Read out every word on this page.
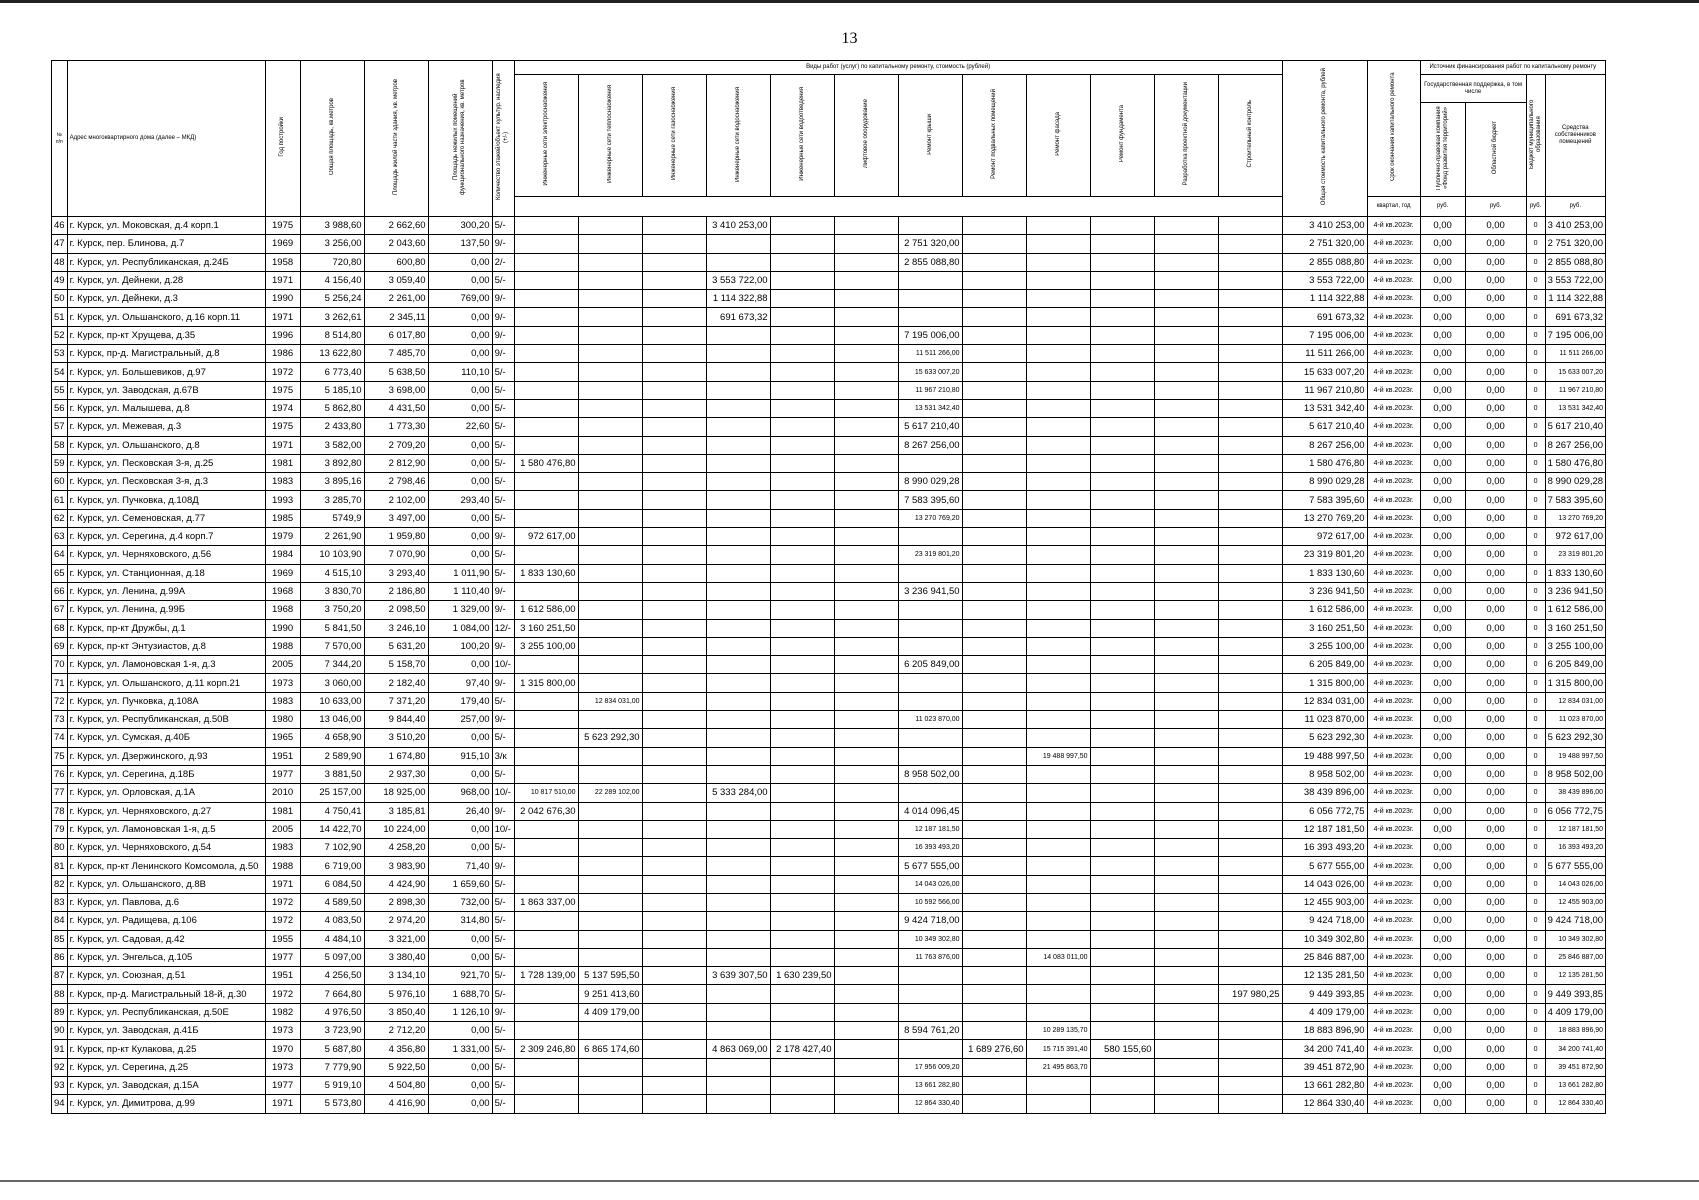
13
№ п/п	Адрес многоквартирного дома (далее – МКД)	Год постройки	Общая площадь, кв.метров	Площадь жилой части здания, кв. метров	Площадь нежилых помещений функционального назначения, кв. метров	Количество этажей/объект культур. наследия (+/-)	Виды работ (услуг) по капитальному ремонту, стоимость (рублей)												Общая стоимость капитального ремонта, рублей	Срок окончания капитального ремонта	Источник финансирования работ по капитальному ремонту			
							Инженерные сети электроснабжения	Инженерные сети теплоснабжения	Инженерные сети газоснабжения	Инженерные сети водоснабжения	Инженерные сети водоотведения	Лифтовое оборудование	Ремонт крыши	Ремонт подвальных помещений	Ремонт фасада	Ремонт фундамента	Разработка проектной документации	Строительный контроль			Государственная поддержка, в том числе		Бюджет муниципального образования	Средства собственников помещений
																					Публично-правовая компания «Фонд развития территорий»	Областной бюджет		
																				квартал, год	руб.	руб.	руб.	руб.
46	г. Курск, ул. Моковская, д.4 корп.1	1975	3 988,60	2 662,60	300,20	5/-				3 410 253,00									3 410 253,00	4-й кв.2023г.	0,00	0,00	0	3 410 253,00
47	г. Курск, пер. Блинова, д.7	1969	3 256,00	2 043,60	137,50	9/-							2 751 320,00						2 751 320,00	4-й кв.2023г.	0,00	0,00	0	2 751 320,00
48	г. Курск, ул. Республиканская, д.24Б	1958	720,80	600,80	0,00	2/-							2 855 088,80						2 855 088,80	4-й кв.2023г.	0,00	0,00	0	2 855 088,80
49	г. Курск, ул. Дейнеки, д.28	1971	4 156,40	3 059,40	0,00	5/-				3 553 722,00									3 553 722,00	4-й кв.2023г.	0,00	0,00	0	3 553 722,00
50	г. Курск, ул. Дейнеки, д.3	1990	5 256,24	2 261,00	769,00	9/-				1 114 322,88									1 114 322,88	4-й кв.2023г.	0,00	0,00	0	1 114 322,88
51	г. Курск, ул. Ольшанского, д.16 корп.11	1971	3 262,61	2 345,11	0,00	9/-				691 673,32									691 673,32	4-й кв.2023г.	0,00	0,00	0	691 673,32
52	г. Курск, пр-кт Хрущева, д.35	1996	8 514,80	6 017,80	0,00	9/-							7 195 006,00						7 195 006,00	4-й кв.2023г.	0,00	0,00	0	7 195 006,00
53	г. Курск, пр-д. Магистральный, д.8	1986	13 622,80	7 485,70	0,00	9/-							11 511 266,00						11 511 266,00	4-й кв.2023г.	0,00	0,00	0	11 511 266,00
54	г. Курск, ул. Большевиков, д.97	1972	6 773,40	5 638,50	110,10	5/-							15 633 007,20						15 633 007,20	4-й кв.2023г.	0,00	0,00	0	15 633 007,20
55	г. Курск, ул. Заводская, д.67В	1975	5 185,10	3 698,00	0,00	5/-							11 967 210,80						11 967 210,80	4-й кв.2023г.	0,00	0,00	0	11 967 210,80
56	г. Курск, ул. Малышева, д.8	1974	5 862,80	4 431,50	0,00	5/-							13 531 342,40						13 531 342,40	4-й кв.2023г.	0,00	0,00	0	13 531 342,40
57	г. Курск, ул. Межевая, д.3	1975	2 433,80	1 773,30	22,60	5/-							5 617 210,40						5 617 210,40	4-й кв.2023г.	0,00	0,00	0	5 617 210,40
58	г. Курск, ул. Ольшанского, д.8	1971	3 582,00	2 709,20	0,00	5/-							8 267 256,00						8 267 256,00	4-й кв.2023г.	0,00	0,00	0	8 267 256,00
59	г. Курск, ул. Песковская 3-я, д.25	1981	3 892,80	2 812,90	0,00	5/-	1 580 476,80												1 580 476,80	4-й кв.2023г.	0,00	0,00	0	1 580 476,80
60	г. Курск, ул. Песковская 3-я, д.3	1983	3 895,16	2 798,46	0,00	5/-							8 990 029,28						8 990 029,28	4-й кв.2023г.	0,00	0,00	0	8 990 029,28
61	г. Курск, ул. Пучковка, д.108Д	1993	3 285,70	2 102,00	293,40	5/-							7 583 395,60						7 583 395,60	4-й кв.2023г.	0,00	0,00	0	7 583 395,60
62	г. Курск, ул. Семеновская, д.77	1985	5749,9	3 497,00	0,00	5/-							13 270 769,20						13 270 769,20	4-й кв.2023г.	0,00	0,00	0	13 270 769,20
63	г. Курск, ул. Серегина, д.4 корп.7	1979	2 261,90	1 959,80	0,00	9/-	972 617,00												972 617,00	4-й кв.2023г.	0,00	0,00	0	972 617,00
64	г. Курск, ул. Черняховского, д.56	1984	10 103,90	7 070,90	0,00	5/-							23 319 801,20						23 319 801,20	4-й кв.2023г.	0,00	0,00	0	23 319 801,20
65	г. Курск, ул. Станционная, д.18	1969	4 515,10	3 293,40	1 011,90	5/-	1 833 130,60												1 833 130,60	4-й кв.2023г.	0,00	0,00	0	1 833 130,60
66	г. Курск, ул. Ленина, д.99А	1968	3 830,70	2 186,80	1 110,40	9/-							3 236 941,50						3 236 941,50	4-й кв.2023г.	0,00	0,00	0	3 236 941,50
67	г. Курск, ул. Ленина, д.99Б	1968	3 750,20	2 098,50	1 329,00	9/-	1 612 586,00												1 612 586,00	4-й кв.2023г.	0,00	0,00	0	1 612 586,00
68	г. Курск, пр-кт Дружбы, д.1	1990	5 841,50	3 246,10	1 084,00	12/-	3 160 251,50												3 160 251,50	4-й кв.2023г.	0,00	0,00	0	3 160 251,50
69	г. Курск, пр-кт Энтузиастов, д.8	1988	7 570,00	5 631,20	100,20	9/-	3 255 100,00												3 255 100,00	4-й кв.2023г.	0,00	0,00	0	3 255 100,00
70	г. Курск, ул. Ламоновская 1-я, д.3	2005	7 344,20	5 158,70	0,00	10/-							6 205 849,00						6 205 849,00	4-й кв.2023г.	0,00	0,00	0	6 205 849,00
71	г. Курск, ул. Ольшанского, д.11 корп.21	1973	3 060,00	2 182,40	97,40	9/-	1 315 800,00												1 315 800,00	4-й кв.2023г.	0,00	0,00	0	1 315 800,00
72	г. Курск, ул. Пучковка, д.108А	1983	10 633,00	7 371,20	179,40	5/-		12 834 031,00											12 834 031,00	4-й кв.2023г.	0,00	0,00	0	12 834 031,00
73	г. Курск, ул. Республиканская, д.50В	1980	13 046,00	9 844,40	257,00	9/-							11 023 870,00						11 023 870,00	4-й кв.2023г.	0,00	0,00	0	11 023 870,00
74	г. Курск, ул. Сумская, д.40Б	1965	4 658,90	3 510,20	0,00	5/-		5 623 292,30											5 623 292,30	4-й кв.2023г.	0,00	0,00	0	5 623 292,30
75	г. Курск, ул. Дзержинского, д.93	1951	2 589,90	1 674,80	915,10	3/к									19 488 997,50				19 488 997,50	4-й кв.2023г.	0,00	0,00	0	19 488 997,50
76	г. Курск, ул. Серегина, д.18Б	1977	3 881,50	2 937,30	0,00	5/-							8 958 502,00						8 958 502,00	4-й кв.2023г.	0,00	0,00	0	8 958 502,00
77	г. Курск, ул. Орловская, д.1А	2010	25 157,00	18 925,00	968,00	10/-	10 817 510,00	22 289 102,00		5 333 284,00									38 439 896,00	4-й кв.2023г.	0,00	0,00	0	38 439 896,00
78	г. Курск, ул. Черняховского, д.27	1981	4 750,41	3 185,81	26,40	9/-	2 042 676,30						4 014 096,45						6 056 772,75	4-й кв.2023г.	0,00	0,00	0	6 056 772,75
79	г. Курск, ул. Ламоновская 1-я, д.5	2005	14 422,70	10 224,00	0,00	10/-							12 187 181,50						12 187 181,50	4-й кв.2023г.	0,00	0,00	0	12 187 181,50
80	г. Курск, ул. Черняховского, д.54	1983	7 102,90	4 258,20	0,00	5/-							16 393 493,20						16 393 493,20	4-й кв.2023г.	0,00	0,00	0	16 393 493,20
81	г. Курск, пр-кт Ленинского Комсомола, д.50	1988	6 719,00	3 983,90	71,40	9/-							5 677 555,00						5 677 555,00	4-й кв.2023г.	0,00	0,00	0	5 677 555,00
82	г. Курск, ул. Ольшанского, д.8В	1971	6 084,50	4 424,90	1 659,60	5/-							14 043 026,00						14 043 026,00	4-й кв.2023г.	0,00	0,00	0	14 043 026,00
83	г. Курск, ул. Павлова, д.6	1972	4 589,50	2 898,30	732,00	5/-	1 863 337,00						10 592 566,00						12 455 903,00	4-й кв.2023г.	0,00	0,00	0	12 455 903,00
84	г. Курск, ул. Радищева, д.106	1972	4 083,50	2 974,20	314,80	5/-							9 424 718,00						9 424 718,00	4-й кв.2023г.	0,00	0,00	0	9 424 718,00
85	г. Курск, ул. Садовая, д.42	1955	4 484,10	3 321,00	0,00	5/-							10 349 302,80						10 349 302,80	4-й кв.2023г.	0,00	0,00	0	10 349 302,80
86	г. Курск, ул. Энгельса, д.105	1977	5 097,00	3 380,40	0,00	5/-							11 763 876,00		14 083 011,00				25 846 887,00	4-й кв.2023г.	0,00	0,00	0	25 846 887,00
87	г. Курск, ул. Союзная, д.51	1951	4 256,50	3 134,10	921,70	5/-	1 728 139,00	5 137 595,50		3 639 307,50	1 630 239,50								12 135 281,50	4-й кв.2023г.	0,00	0,00	0	12 135 281,50
88	г. Курск, пр-д. Магистральный 18-й, д.30	1972	7 664,80	5 976,10	1 688,70	5/-		9 251 413,60										197 980,25	9 449 393,85	4-й кв.2023г.	0,00	0,00	0	9 449 393,85
89	г. Курск, ул. Республиканская, д.50Е	1982	4 976,50	3 850,40	1 126,10	9/-		4 409 179,00											4 409 179,00	4-й кв.2023г.	0,00	0,00	0	4 409 179,00
90	г. Курск, ул. Заводская, д.41Б	1973	3 723,90	2 712,20	0,00	5/-							8 594 761,20		10 289 135,70				18 883 896,90	4-й кв.2023г.	0,00	0,00	0	18 883 896,90
91	г. Курск, пр-кт Кулакова, д.25	1970	5 687,80	4 356,80	1 331,00	5/-	2 309 246,80	6 865 174,60		4 863 069,00	2 178 427,40			1 689 276,60	15 715 391,40	580 155,60			34 200 741,40	4-й кв.2023г.	0,00	0,00	0	34 200 741,40
92	г. Курск, ул. Серегина, д.25	1973	7 779,90	5 922,50	0,00	5/-							17 956 009,20		21 495 863,70				39 451 872,90	4-й кв.2023г.	0,00	0,00	0	39 451 872,90
93	г. Курск, ул. Заводская, д.15А	1977	5 919,10	4 504,80	0,00	5/-							13 661 282,80						13 661 282,80	4-й кв.2023г.	0,00	0,00	0	13 661 282,80
94	г. Курск, ул. Димитрова, д.99	1971	5 573,80	4 416,90	0,00	5/-							12 864 330,40						12 864 330,40	4-й кв.2023г.	0,00	0,00	0	12 864 330,40
